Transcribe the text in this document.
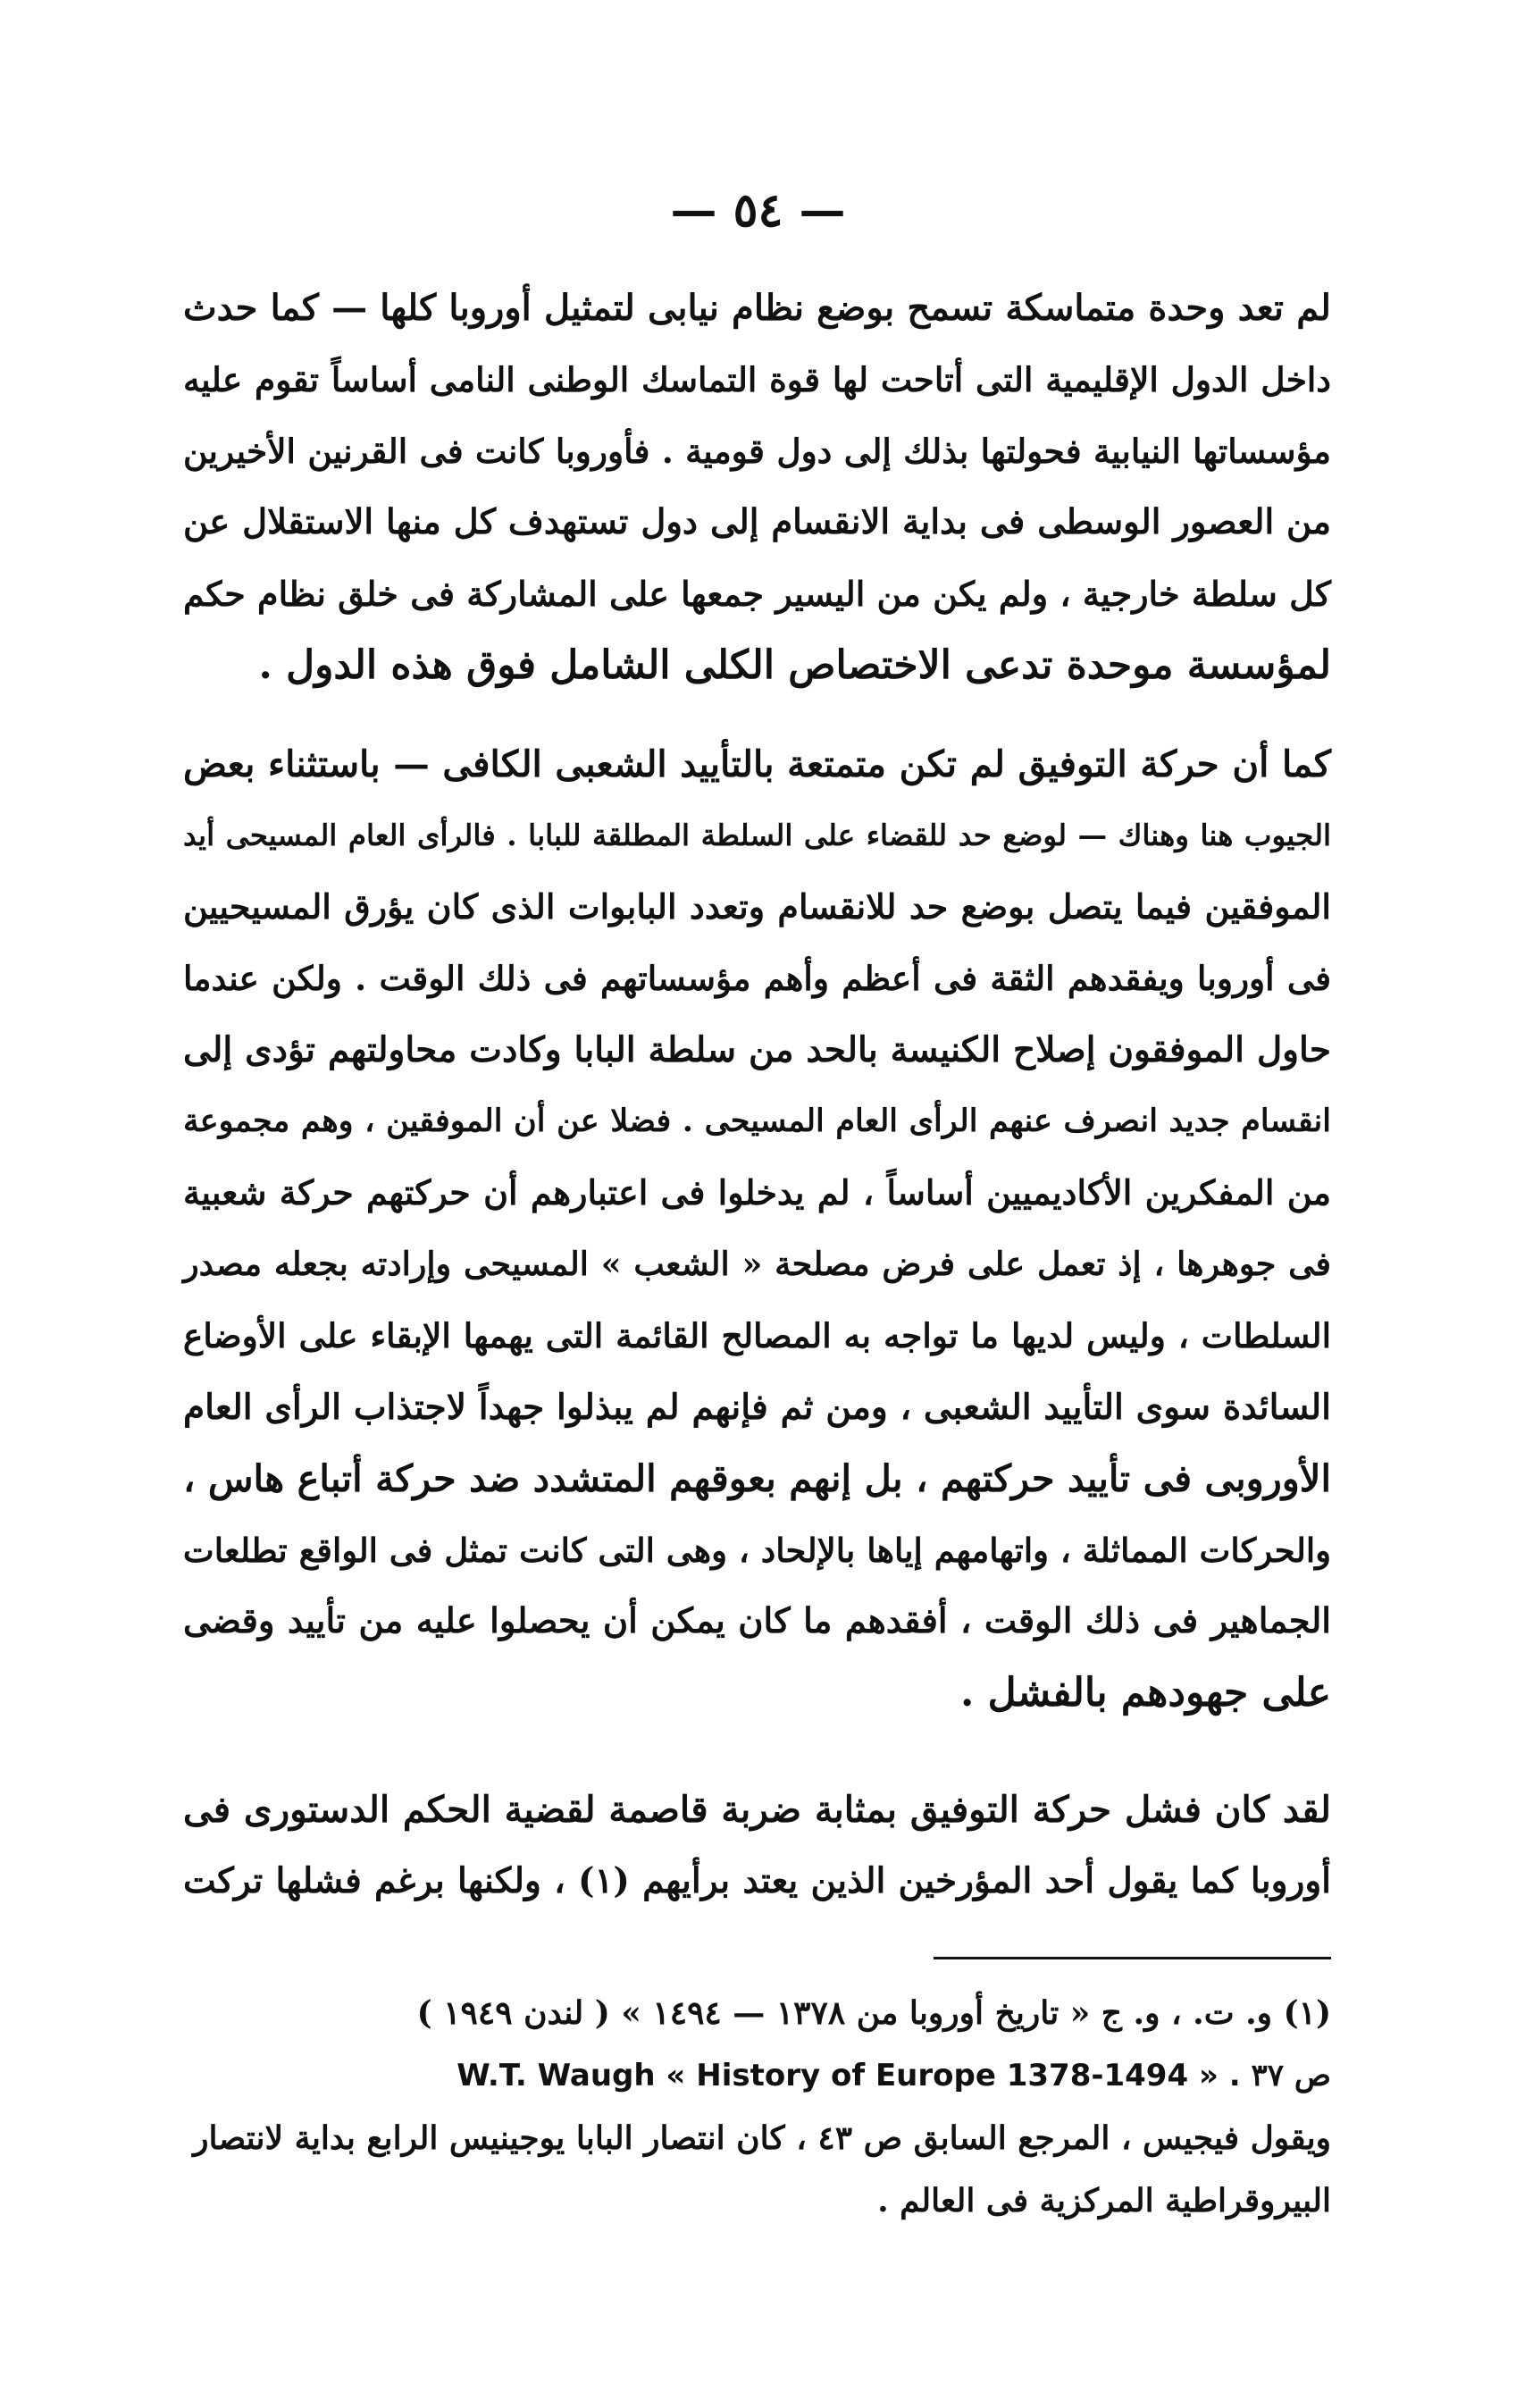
— ٥٤ —

لم تعد وحدة متماسكة تسمح بوضع نظام نيابى لتمثيل أوروبا كلها — كما حدث
داخل الدول الإقليمية التى أتاحت لها قوة التماسك الوطنى النامى أساساً تقوم عليه
مؤسساتها النيابية فحولتها بذلك إلى دول قومية . فأوروبا كانت فى القرنين الأخيرين
من العصور الوسطى فى بداية الانقسام إلى دول تستهدف كل منها الاستقلال عن
كل سلطة خارجية ، ولم يكن من اليسير جمعها على المشاركة فى خلق نظام حكم
لمؤسسة موحدة تدعى الاختصاص الكلى الشامل فوق هذه الدول .

كما أن حركة التوفيق لم تكن متمتعة بالتأييد الشعبى الكافى — باستثناء بعض
الجيوب هنا وهناك — لوضع حد للقضاء على السلطة المطلقة للبابا . فالرأى العام المسيحى أيد
الموفقين فيما يتصل بوضع حد للانقسام وتعدد البابوات الذى كان يؤرق المسيحيين
فى أوروبا ويفقدهم الثقة فى أعظم وأهم مؤسساتهم فى ذلك الوقت . ولكن عندما
حاول الموفقون إصلاح الكنيسة بالحد من سلطة البابا وكادت محاولتهم تؤدى إلى
انقسام جديد انصرف عنهم الرأى العام المسيحى . فضلا عن أن الموفقين ، وهم مجموعة
من المفكرين الأكاديميين أساساً ، لم يدخلوا فى اعتبارهم أن حركتهم حركة شعبية
فى جوهرها ، إذ تعمل على فرض مصلحة « الشعب » المسيحى وإرادته بجعله مصدر
السلطات ، وليس لديها ما تواجه به المصالح القائمة التى يهمها الإبقاء على الأوضاع
السائدة سوى التأييد الشعبى ، ومن ثم فإنهم لم يبذلوا جهداً لاجتذاب الرأى العام
الأوروبى فى تأييد حركتهم ، بل إنهم بعوقهم المتشدد ضد حركة أتباع هاس ،
والحركات المماثلة ، واتهامهم إياها بالإلحاد ، وهى التى كانت تمثل فى الواقع تطلعات
الجماهير فى ذلك الوقت ، أفقدهم ما كان يمكن أن يحصلوا عليه من تأييد وقضى
على جهودهم بالفشل .

لقد كان فشل حركة التوفيق بمثابة ضربة قاصمة لقضية الحكم الدستورى فى
أوروبا كما يقول أحد المؤرخين الذين يعتد برأيهم (١) ، ولكنها برغم فشلها تركت

(١) و. ت. ، و. ج « تاريخ أوروبا من ١٣٧٨ — ١٤٩٤ » ( لندن ١٩٤٩ )

W.T. Waugh « History of Europe 1378-1494 » . ص ٣٧

ويقول فيجيس ، المرجع السابق ص ٤٣ ، كان انتصار البابا يوجينيس الرابع بداية لانتصار

البيروقراطية المركزية فى العالم .
